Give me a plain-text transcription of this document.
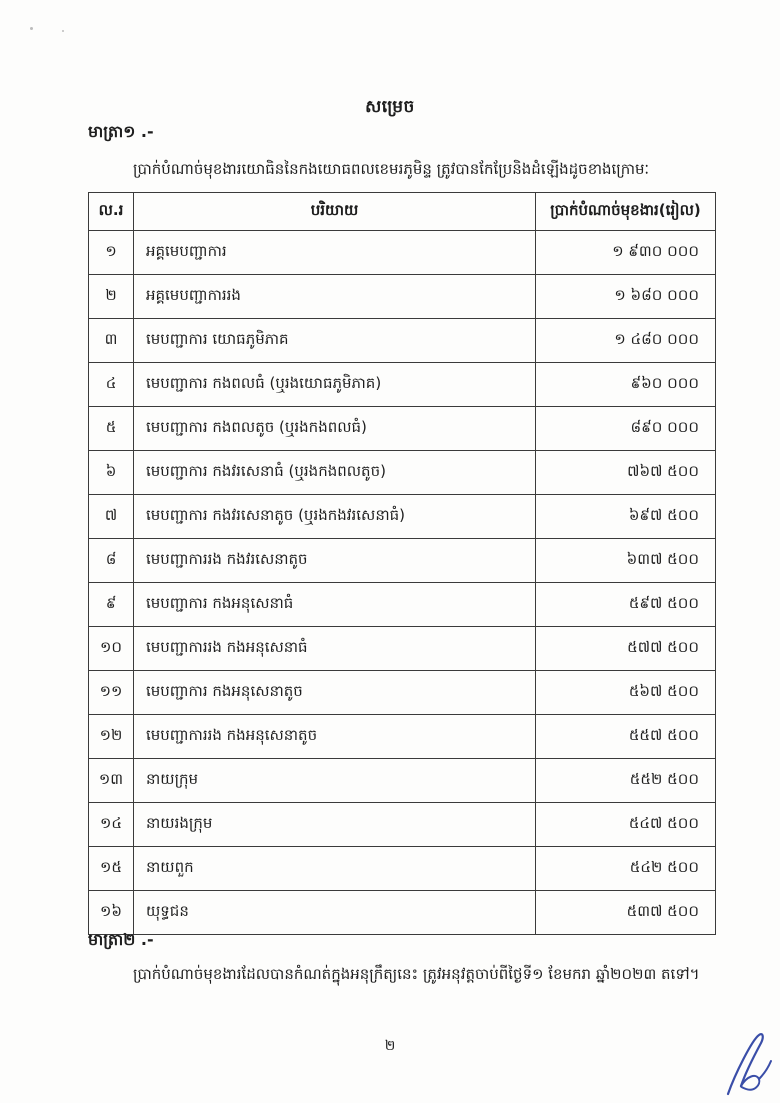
សម្រេច
មាត្រា១ .-
ប្រាក់បំណាច់មុខងារយោធិននៃកងយោធពលខេមរភូមិន្ទ ត្រូវបានកែប្រែនិងដំឡើងដូចខាងក្រោមៈ
ល.រ	បរិយាយ	ប្រាក់បំណាច់មុខងារ(រៀល)
១	អគ្គមេបញ្ជាការ	១ ៩៣០ ០០០
២	អគ្គមេបញ្ជាការរង	១ ៦៨០ ០០០
៣	មេបញ្ជាការ យោធភូមិភាគ	១ ៤៨០ ០០០
៤	មេបញ្ជាការ កងពលធំ (ឬរងយោធភូមិភាគ)	៩៦០ ០០០
៥	មេបញ្ជាការ កងពលតូច (ឬរងកងពលធំ)	៨៩០ ០០០
៦	មេបញ្ជាការ កងវរសេនាធំ (ឬរងកងពលតូច)	៧៦៧ ៥០០
៧	មេបញ្ជាការ កងវរសេនាតូច (ឬរងកងវរសេនាធំ)	៦៩៧ ៥០០
៨	មេបញ្ជាការរង កងវរសេនាតូច	៦៣៧ ៥០០
៩	មេបញ្ជាការ កងអនុសេនាធំ	៥៩៧ ៥០០
១០	មេបញ្ជាការរង កងអនុសេនាធំ	៥៧៧ ៥០០
១១	មេបញ្ជាការ កងអនុសេនាតូច	៥៦៧ ៥០០
១២	មេបញ្ជាការរង កងអនុសេនាតូច	៥៥៧ ៥០០
១៣	នាយក្រុម	៥៥២ ៥០០
១៤	នាយរងក្រុម	៥៤៧ ៥០០
១៥	នាយពួក	៥៤២ ៥០០
១៦	យុទ្ធជន	៥៣៧ ៥០០
មាត្រា២ .-
ប្រាក់បំណាច់មុខងារដែលបានកំណត់ក្នុងអនុក្រឹត្យនេះ ត្រូវអនុវត្តចាប់ពីថ្ងៃទី១ ខែមករា ឆ្នាំ២០២៣ តទៅ។
២
